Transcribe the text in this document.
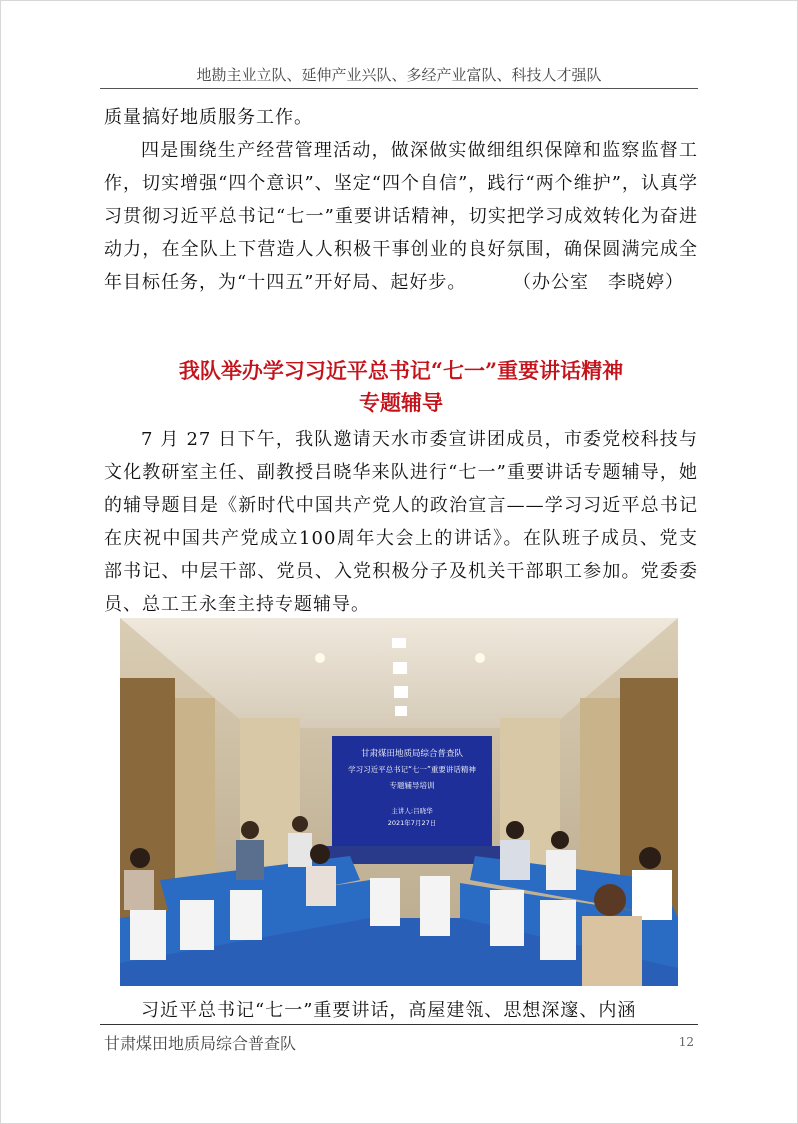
地勘主业立队、延伸产业兴队、多经产业富队、科技人才强队

质量搞好地质服务工作。

四是围绕生产经营管理活动，做深做实做细组织保障和监察监督工作，切实增强“四个意识”、坚定“四个自信”，践行“两个维护”，认真学习贯彻习近平总书记“七一”重要讲话精神，切实把学习成效转化为奋进动力，在全队上下营造人人积极干事创业的良好氛围，确保圆满完成全年目标任务，为“十四五”开好局、起好步。	（办公室　李晓婷）

我队举办学习习近平总书记“七一”重要讲话精神
专题辅导

7 月 27 日下午，我队邀请天水市委宣讲团成员，市委党校科技与文化教研室主任、副教授吕晓华来队进行“七一”重要讲话专题辅导，她的辅导题目是《新时代中国共产党人的政治宣言——学习习近平总书记在庆祝中国共产党成立100周年大会上的讲话》。在队班子成员、党支部书记、中层干部、党员、入党积极分子及机关干部职工参加。党委委员、总工王永奎主持专题辅导。

甘肃煤田地质局综合普查队
学习习近平总书记“七一”重要讲话精神
专题辅导培训
主讲人:吕晓华
2021年7月27日

习近平总书记“七一”重要讲话，高屋建瓴、思想深邃、内涵

甘肃煤田地质局综合普查队	12
